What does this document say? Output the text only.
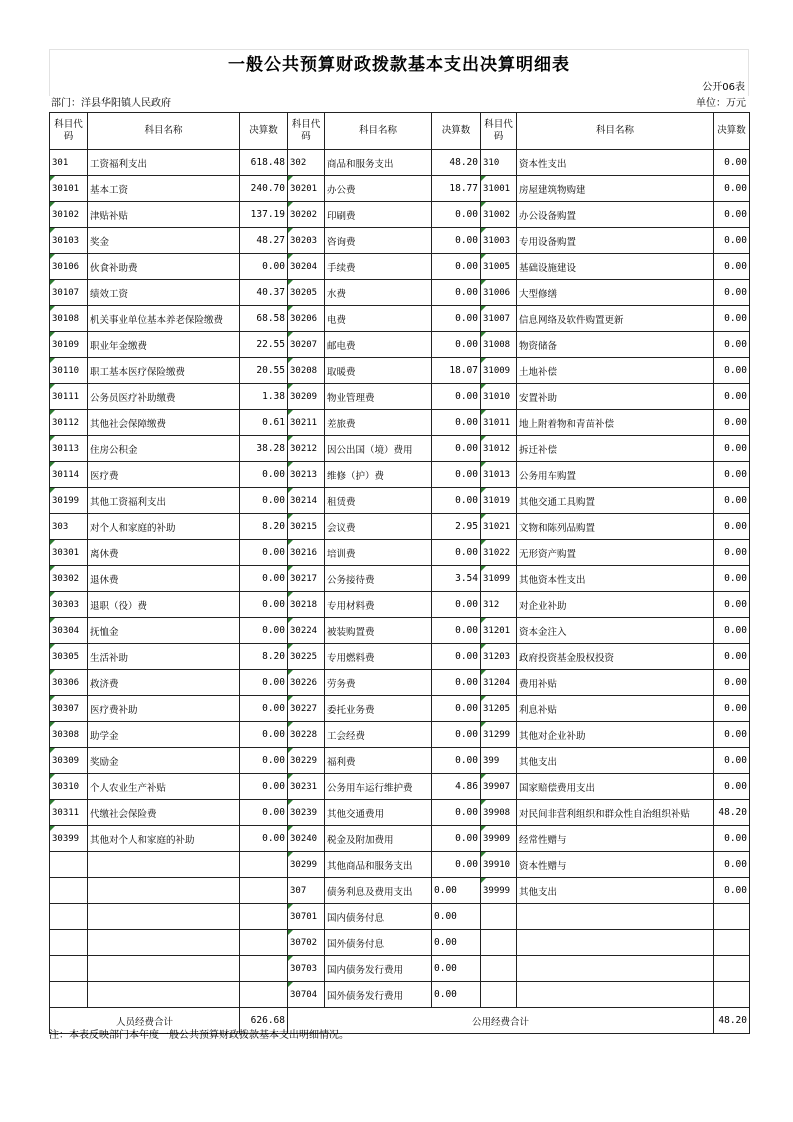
一般公共预算财政拨款基本支出决算明细表
公开06表
部门：洋县华阳镇人民政府	单位：万元
科目代码	科目名称	决算数	科目代码	科目名称	决算数	科目代码	科目名称	决算数
301	工资福利支出	618.48	302	商品和服务支出	48.20	310	资本性支出	0.00
30101	基本工资	240.70	30201	办公费	18.77	31001	房屋建筑物购建	0.00
30102	津贴补贴	137.19	30202	印刷费	0.00	31002	办公设备购置	0.00
30103	奖金	48.27	30203	咨询费	0.00	31003	专用设备购置	0.00
30106	伙食补助费	0.00	30204	手续费	0.00	31005	基础设施建设	0.00
30107	绩效工资	40.37	30205	水费	0.00	31006	大型修缮	0.00
30108	机关事业单位基本养老保险缴费	68.58	30206	电费	0.00	31007	信息网络及软件购置更新	0.00
30109	职业年金缴费	22.55	30207	邮电费	0.00	31008	物资储备	0.00
30110	职工基本医疗保险缴费	20.55	30208	取暖费	18.07	31009	土地补偿	0.00
30111	公务员医疗补助缴费	1.38	30209	物业管理费	0.00	31010	安置补助	0.00
30112	其他社会保障缴费	0.61	30211	差旅费	0.00	31011	地上附着物和青苗补偿	0.00
30113	住房公积金	38.28	30212	因公出国（境）费用	0.00	31012	拆迁补偿	0.00
30114	医疗费	0.00	30213	维修（护）费	0.00	31013	公务用车购置	0.00
30199	其他工资福利支出	0.00	30214	租赁费	0.00	31019	其他交通工具购置	0.00
303	对个人和家庭的补助	8.20	30215	会议费	2.95	31021	文物和陈列品购置	0.00
30301	离休费	0.00	30216	培训费	0.00	31022	无形资产购置	0.00
30302	退休费	0.00	30217	公务接待费	3.54	31099	其他资本性支出	0.00
30303	退职（役）费	0.00	30218	专用材料费	0.00	312	对企业补助	0.00
30304	抚恤金	0.00	30224	被装购置费	0.00	31201	资本金注入	0.00
30305	生活补助	8.20	30225	专用燃料费	0.00	31203	政府投资基金股权投资	0.00
30306	救济费	0.00	30226	劳务费	0.00	31204	费用补贴	0.00
30307	医疗费补助	0.00	30227	委托业务费	0.00	31205	利息补贴	0.00
30308	助学金	0.00	30228	工会经费	0.00	31299	其他对企业补助	0.00
30309	奖励金	0.00	30229	福利费	0.00	399	其他支出	0.00
30310	个人农业生产补贴	0.00	30231	公务用车运行维护费	4.86	39907	国家赔偿费用支出	0.00
30311	代缴社会保险费	0.00	30239	其他交通费用	0.00	39908	对民间非营利组织和群众性自治组织补贴	48.20
30399	其他对个人和家庭的补助	0.00	30240	税金及附加费用	0.00	39909	经常性赠与	0.00
			30299	其他商品和服务支出	0.00	39910	资本性赠与	0.00
			307	债务利息及费用支出	0.00	39999	其他支出	0.00
			30701	国内债务付息	0.00			
			30702	国外债务付息	0.00			
			30703	国内债务发行费用	0.00			
			30704	国外债务发行费用	0.00			
人员经费合计		626.68	公用经费合计					48.20
注：本表反映部门本年度一般公共预算财政拨款基本支出明细情况。
